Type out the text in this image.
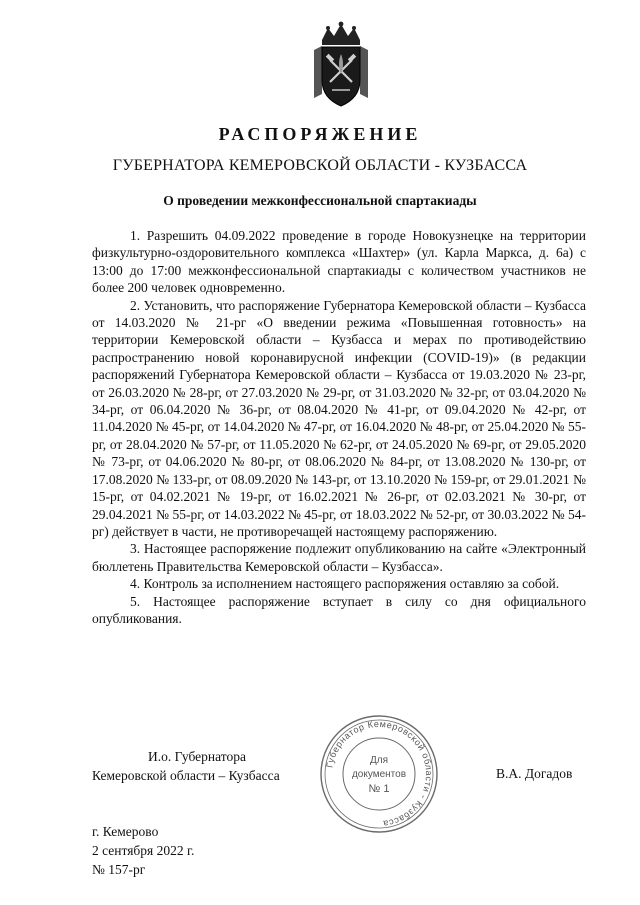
РАСПОРЯЖЕНИЕ
ГУБЕРНАТОРА КЕМЕРОВСКОЙ ОБЛАСТИ - КУЗБАССА
О проведении межконфессиональной спартакиады

1. Разрешить 04.09.2022 проведение в городе Новокузнецке на территории физкультурно-оздоровительного комплекса «Шахтер» (ул. Карла Маркса, д. 6а) с 13:00 до 17:00 межконфессиональной спартакиады с количеством участников не более 200 человек одновременно.

2. Установить, что распоряжение Губернатора Кемеровской области – Кузбасса от 14.03.2020 № 21-рг «О введении режима «Повышенная готовность» на территории Кемеровской области – Кузбасса и мерах по противодействию распространению новой коронавирусной инфекции (COVID-19)» (в редакции распоряжений Губернатора Кемеровской области – Кузбасса от 19.03.2020 № 23-рг, от 26.03.2020 № 28-рг, от 27.03.2020 № 29-рг, от 31.03.2020 № 32-рг, от 03.04.2020 № 34-рг, от 06.04.2020 № 36-рг, от 08.04.2020 № 41-рг, от 09.04.2020 № 42-рг, от 11.04.2020 № 45-рг, от 14.04.2020 № 47-рг, от 16.04.2020 № 48-рг, от 25.04.2020 № 55-рг, от 28.04.2020 № 57-рг, от 11.05.2020 № 62-рг, от 24.05.2020 № 69-рг, от 29.05.2020 № 73-рг, от 04.06.2020 № 80-рг, от 08.06.2020 № 84-рг, от 13.08.2020 № 130-рг, от 17.08.2020 № 133-рг, от 08.09.2020 № 143-рг, от 13.10.2020 № 159-рг, от 29.01.2021 № 15-рг, от 04.02.2021 № 19-рг, от 16.02.2021 № 26-рг, от 02.03.2021 № 30-рг, от 29.04.2021 № 55-рг, от 14.03.2022 № 45-рг, от 18.03.2022 № 52-рг, от 30.03.2022 № 54-рг) действует в части, не противоречащей настоящему распоряжению.

3. Настоящее распоряжение подлежит опубликованию на сайте «Электронный бюллетень Правительства Кемеровской области – Кузбасса».

4. Контроль за исполнением настоящего распоряжения оставляю за собой.

5. Настоящее распоряжение вступает в силу со дня официального опубликования.

И.о. Губернатора
Кемеровской области – Кузбасса
Губернатор Кемеровской области - Кузбасса
Для
документов
№ 1
В.А. Догадов
г. Кемерово
2 сентября 2022 г.
№ 157-рг
